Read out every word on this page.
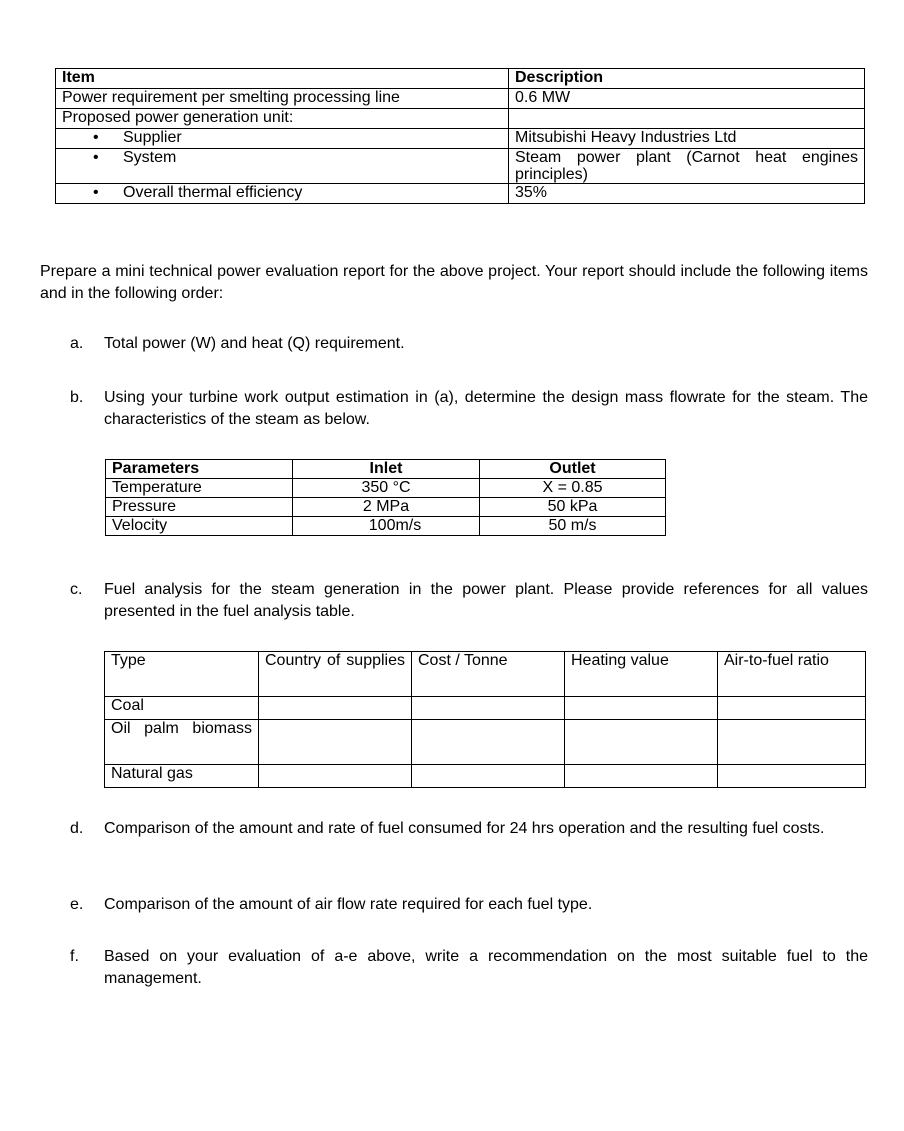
Item	Description
Power requirement per smelting processing line	0.6 MW
Proposed power generation unit:	

• Supplier	Mitsubishi Heavy Industries Ltd

• System	Steam power plant (Carnot heat engines principles)

• Overall thermal efficiency	35%

Prepare a mini technical power evaluation report for the above project. Your report should include the following items and in the following order:

a. Total power (W) and heat (Q) requirement.
b. Using your turbine work output estimation in (a), determine the design mass flowrate for the steam. The characteristics of the steam as below.
Parameters	Inlet	Outlet
Temperature	350 °C	X = 0.85
Pressure	2 MPa	50 kPa
Velocity	100m/s	50 m/s
c. Fuel analysis for the steam generation in the power plant. Please provide references for all values presented in the fuel analysis table.
Type	Country of supplies	Cost / Tonne	Heating value	Air-to-fuel ratio
Coal				
Oil palm biomass				
Natural gas				
d. Comparison of the amount and rate of fuel consumed for 24 hrs operation and the resulting fuel costs.
e. Comparison of the amount of air flow rate required for each fuel type.
f. Based on your evaluation of a-e above, write a recommendation on the most suitable fuel to the management.
